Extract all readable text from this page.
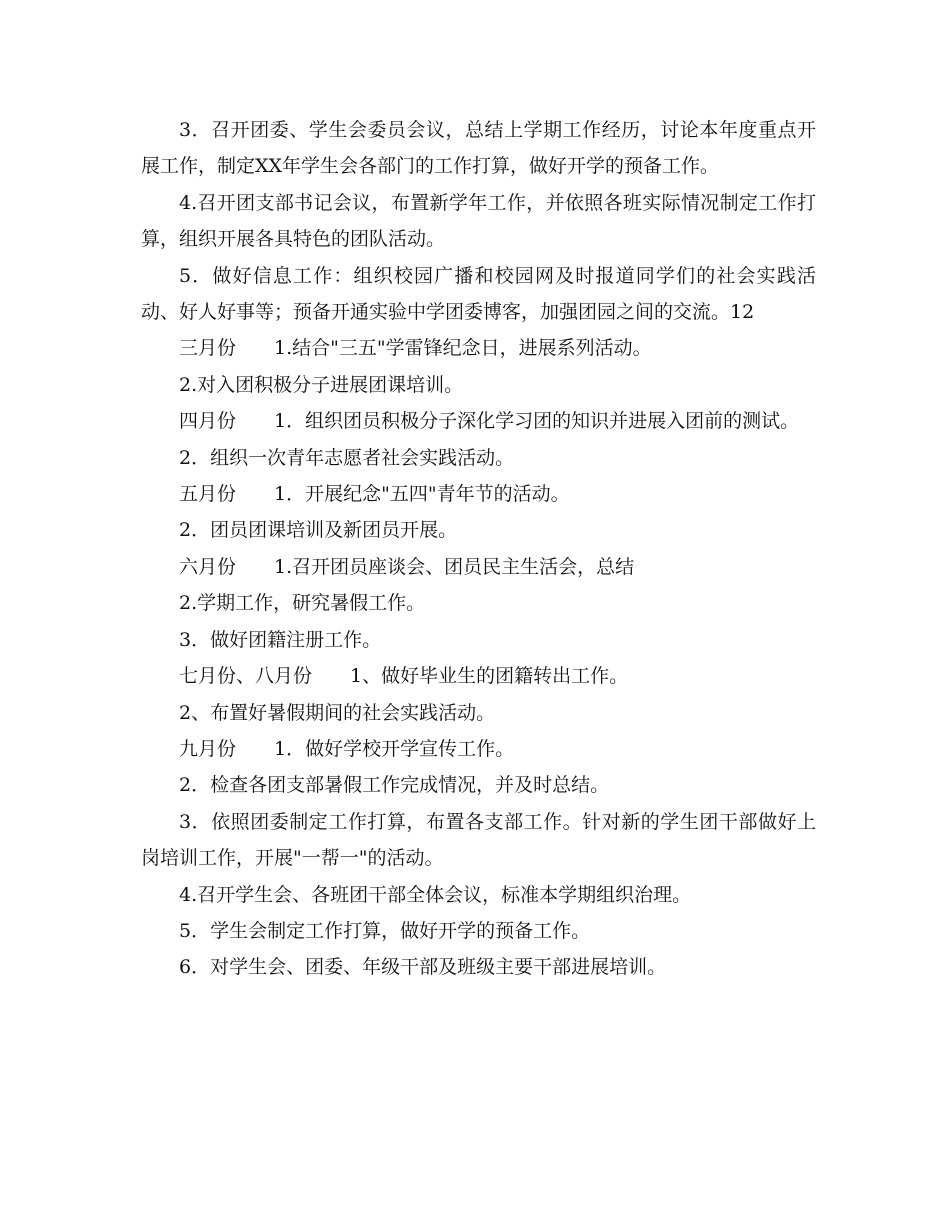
3．召开团委、学生会委员会议，总结上学期工作经历，讨论本年度重点开展工作，制定XX年学生会各部门的工作打算，做好开学的预备工作。

4.召开团支部书记会议，布置新学年工作，并依照各班实际情况制定工作打算，组织开展各具特色的团队活动。

5．做好信息工作：组织校园广播和校园网及时报道同学们的社会实践活动、好人好事等；预备开通实验中学团委博客，加强团园之间的交流。12

三月份　　1.结合"三五"学雷锋纪念日，进展系列活动。

2.对入团积极分子进展团课培训。

四月份　　1．组织团员积极分子深化学习团的知识并进展入团前的测试。

2．组织一次青年志愿者社会实践活动。

五月份　　1．开展纪念"五四"青年节的活动。

2．团员团课培训及新团员开展。

六月份　　1.召开团员座谈会、团员民主生活会，总结

2.学期工作，研究暑假工作。

3．做好团籍注册工作。

七月份、八月份　　1、做好毕业生的团籍转出工作。

2、布置好暑假期间的社会实践活动。

九月份　　1．做好学校开学宣传工作。

2．检查各团支部暑假工作完成情况，并及时总结。

3．依照团委制定工作打算，布置各支部工作。针对新的学生团干部做好上岗培训工作，开展"一帮一"的活动。

4.召开学生会、各班团干部全体会议，标准本学期组织治理。

5．学生会制定工作打算，做好开学的预备工作。

6．对学生会、团委、年级干部及班级主要干部进展培训。
